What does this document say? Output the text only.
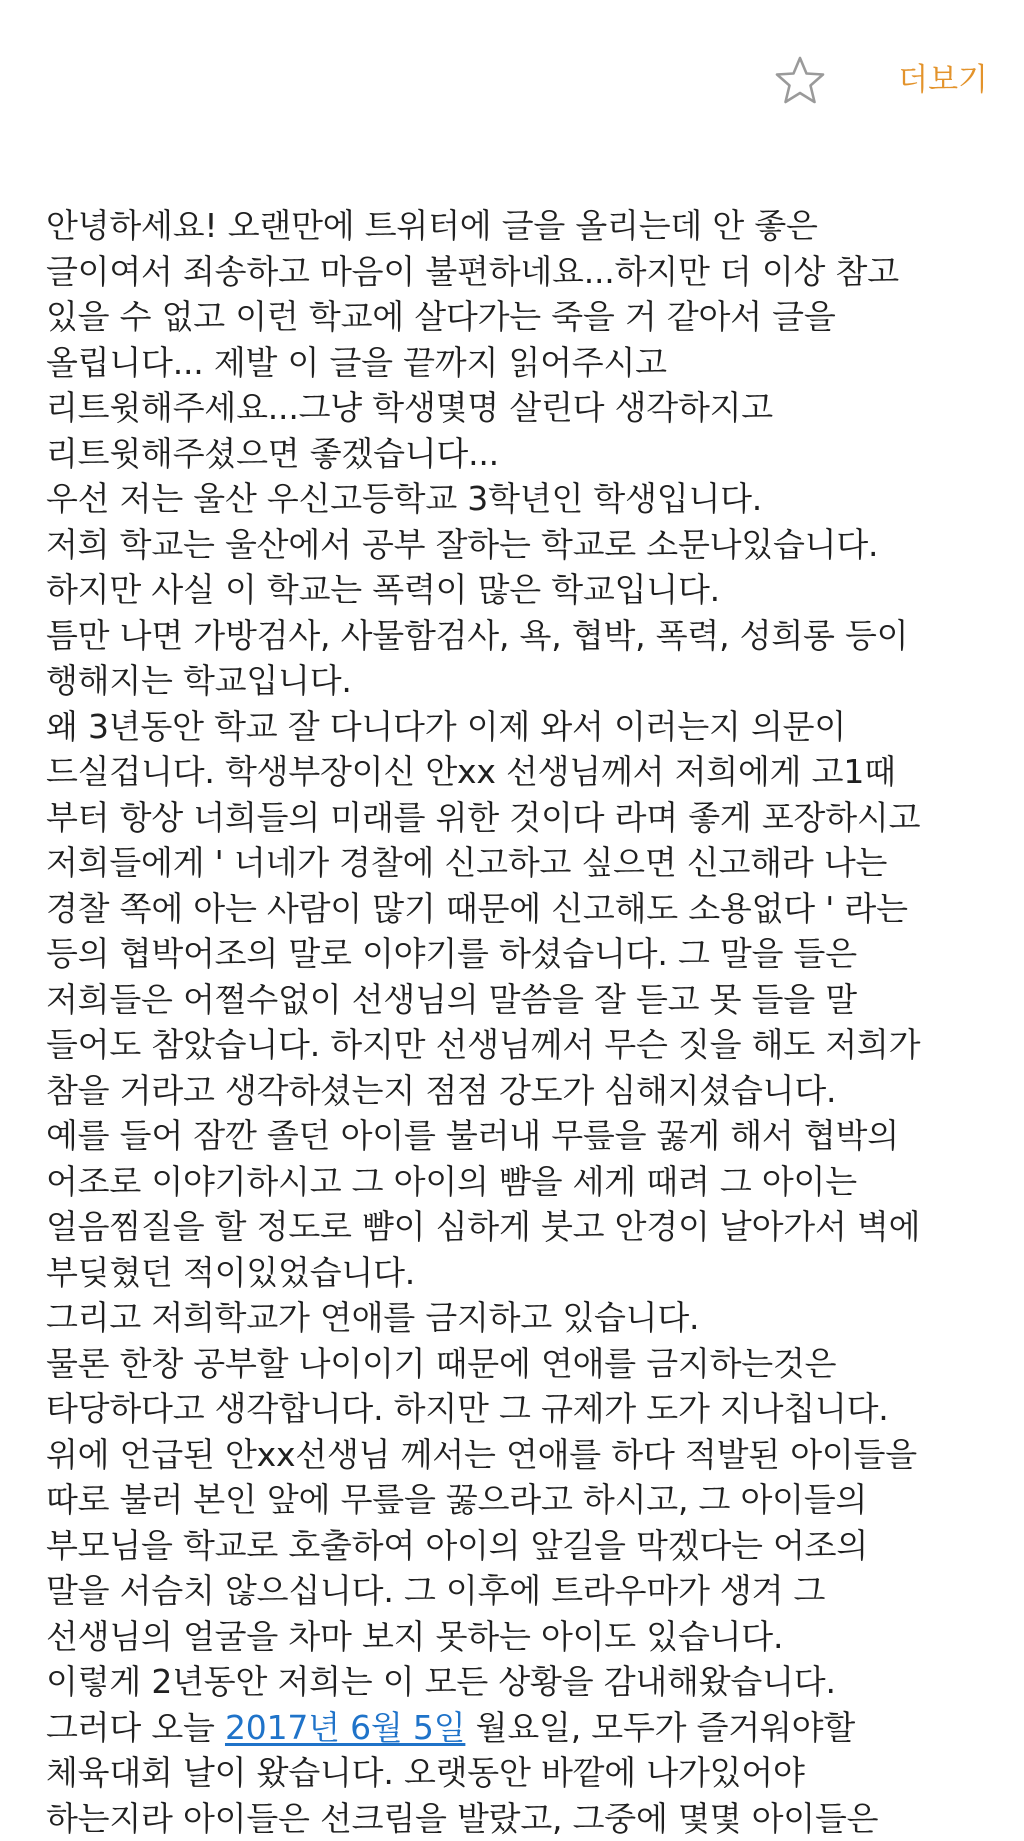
더보기
안녕하세요! 오랜만에 트위터에 글을 올리는데 안 좋은
글이여서 죄송하고 마음이 불편하네요...하지만 더 이상 참고
있을 수 없고 이런 학교에 살다가는 죽을 거 같아서 글을
올립니다... 제발 이 글을 끝까지 읽어주시고
리트윗해주세요...그냥 학생몇명 살린다 생각하지고
리트윗해주셨으면 좋겠습니다...
우선 저는 울산 우신고등학교 3학년인 학생입니다.
저희 학교는 울산에서 공부 잘하는 학교로 소문나있습니다.
하지만 사실 이 학교는 폭력이 많은 학교입니다.
틈만 나면 가방검사, 사물함검사, 욕, 협박, 폭력, 성희롱 등이
행해지는 학교입니다.
왜 3년동안 학교 잘 다니다가 이제 와서 이러는지 의문이
드실겁니다. 학생부장이신 안xx 선생님께서 저희에게 고1때
부터 항상 너희들의 미래를 위한 것이다 라며 좋게 포장하시고
저희들에게 ' 너네가 경찰에 신고하고 싶으면 신고해라 나는
경찰 쪽에 아는 사람이 많기 때문에 신고해도 소용없다 ' 라는
등의 협박어조의 말로 이야기를 하셨습니다. 그 말을 들은
저희들은 어쩔수없이 선생님의 말씀을 잘 듣고 못 들을 말
들어도 참았습니다. 하지만 선생님께서 무슨 짓을 해도 저희가
참을 거라고 생각하셨는지 점점 강도가 심해지셨습니다.
예를 들어 잠깐 졸던 아이를 불러내 무릎을 꿇게 해서 협박의
어조로 이야기하시고 그 아이의 뺨을 세게 때려 그 아이는
얼음찜질을 할 정도로 뺨이 심하게 붓고 안경이 날아가서 벽에
부딪혔던 적이있었습니다.
그리고 저희학교가 연애를 금지하고 있습니다.
물론 한창 공부할 나이이기 때문에 연애를 금지하는것은
타당하다고 생각합니다. 하지만 그 규제가 도가 지나칩니다.
위에 언급된 안xx선생님 께서는 연애를 하다 적발된 아이들을
따로 불러 본인 앞에 무릎을 꿇으라고 하시고, 그 아이들의
부모님을 학교로 호출하여 아이의 앞길을 막겠다는 어조의
말을 서슴치 않으십니다. 그 이후에 트라우마가 생겨 그
선생님의 얼굴을 차마 보지 못하는 아이도 있습니다.
이렇게 2년동안 저희는 이 모든 상황을 감내해왔습니다.
그러다 오늘 2017년 6월 5일 월요일, 모두가 즐거워야할
체육대회 날이 왔습니다. 오랫동안 바깥에 나가있어야
하는지라 아이들은 선크림을 발랐고, 그중에 몇몇 아이들은
